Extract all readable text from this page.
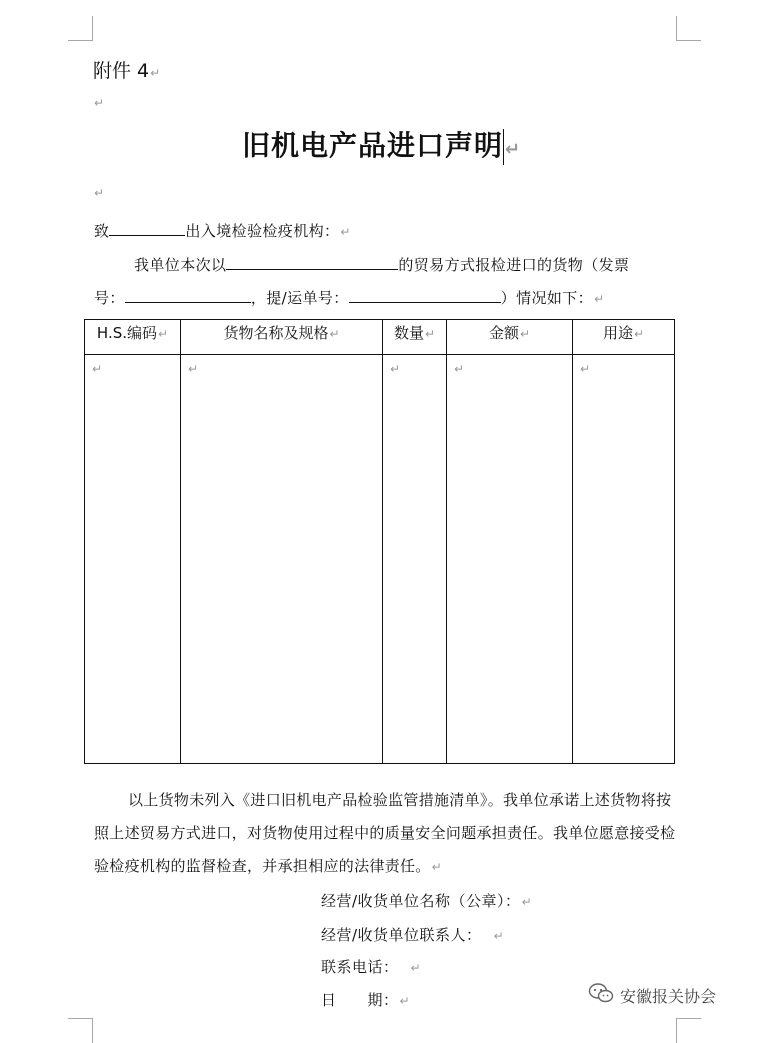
附件 4↵
↵
旧机电产品进口声明 ↵
↵
致	出入境检验检疫机构：↵
我单位本次以	的贸易方式报检进口的货物（发票
号：	，提/运单号：	）情况如下：↵
H.S.编码↵	货物名称及规格↵	数量↵	金额↵	用途↵
↵	↵	↵	↵	↵
以上货物未列入《进口旧机电产品检验监管措施清单》。我单位承诺上述货物将按照上述贸易方式进口，对货物使用过程中的质量安全问题承担责任。我单位愿意接受检验检疫机构的监督检查，并承担相应的法律责任。↵
经营/收货单位名称（公章）：↵
经营/收货单位联系人： ↵
联系电话： ↵
日　　期：↵	安徽报关协会
